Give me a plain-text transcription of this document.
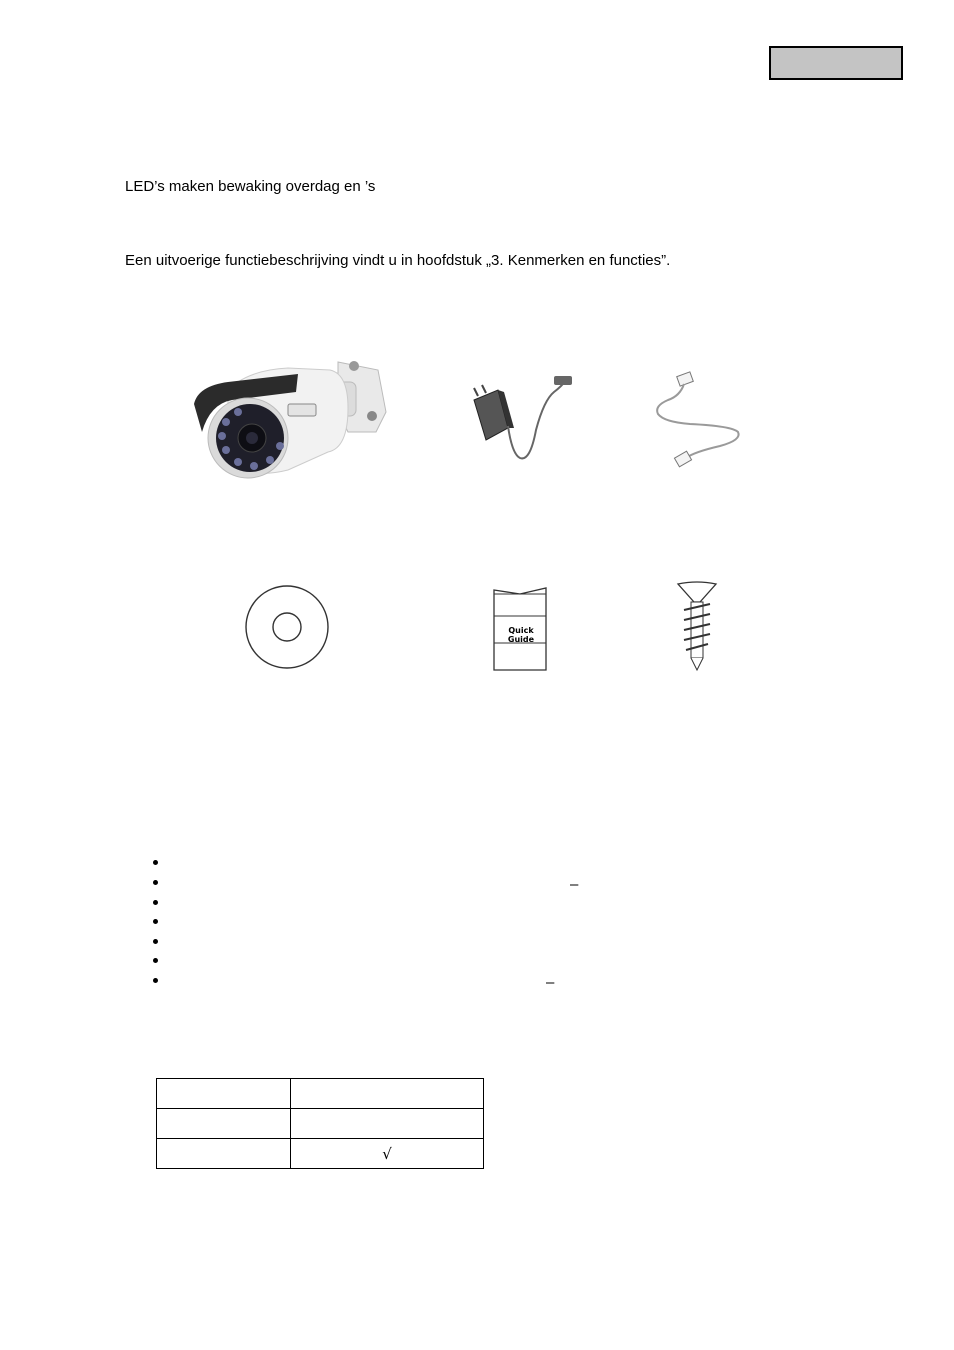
LED’s maken bewaking overdag en ’s
Een uitvoerige functiebeschrijving vindt u in hoofdstuk „3. Kenmerken en functies”.
Quick Guide
–
–

	√
